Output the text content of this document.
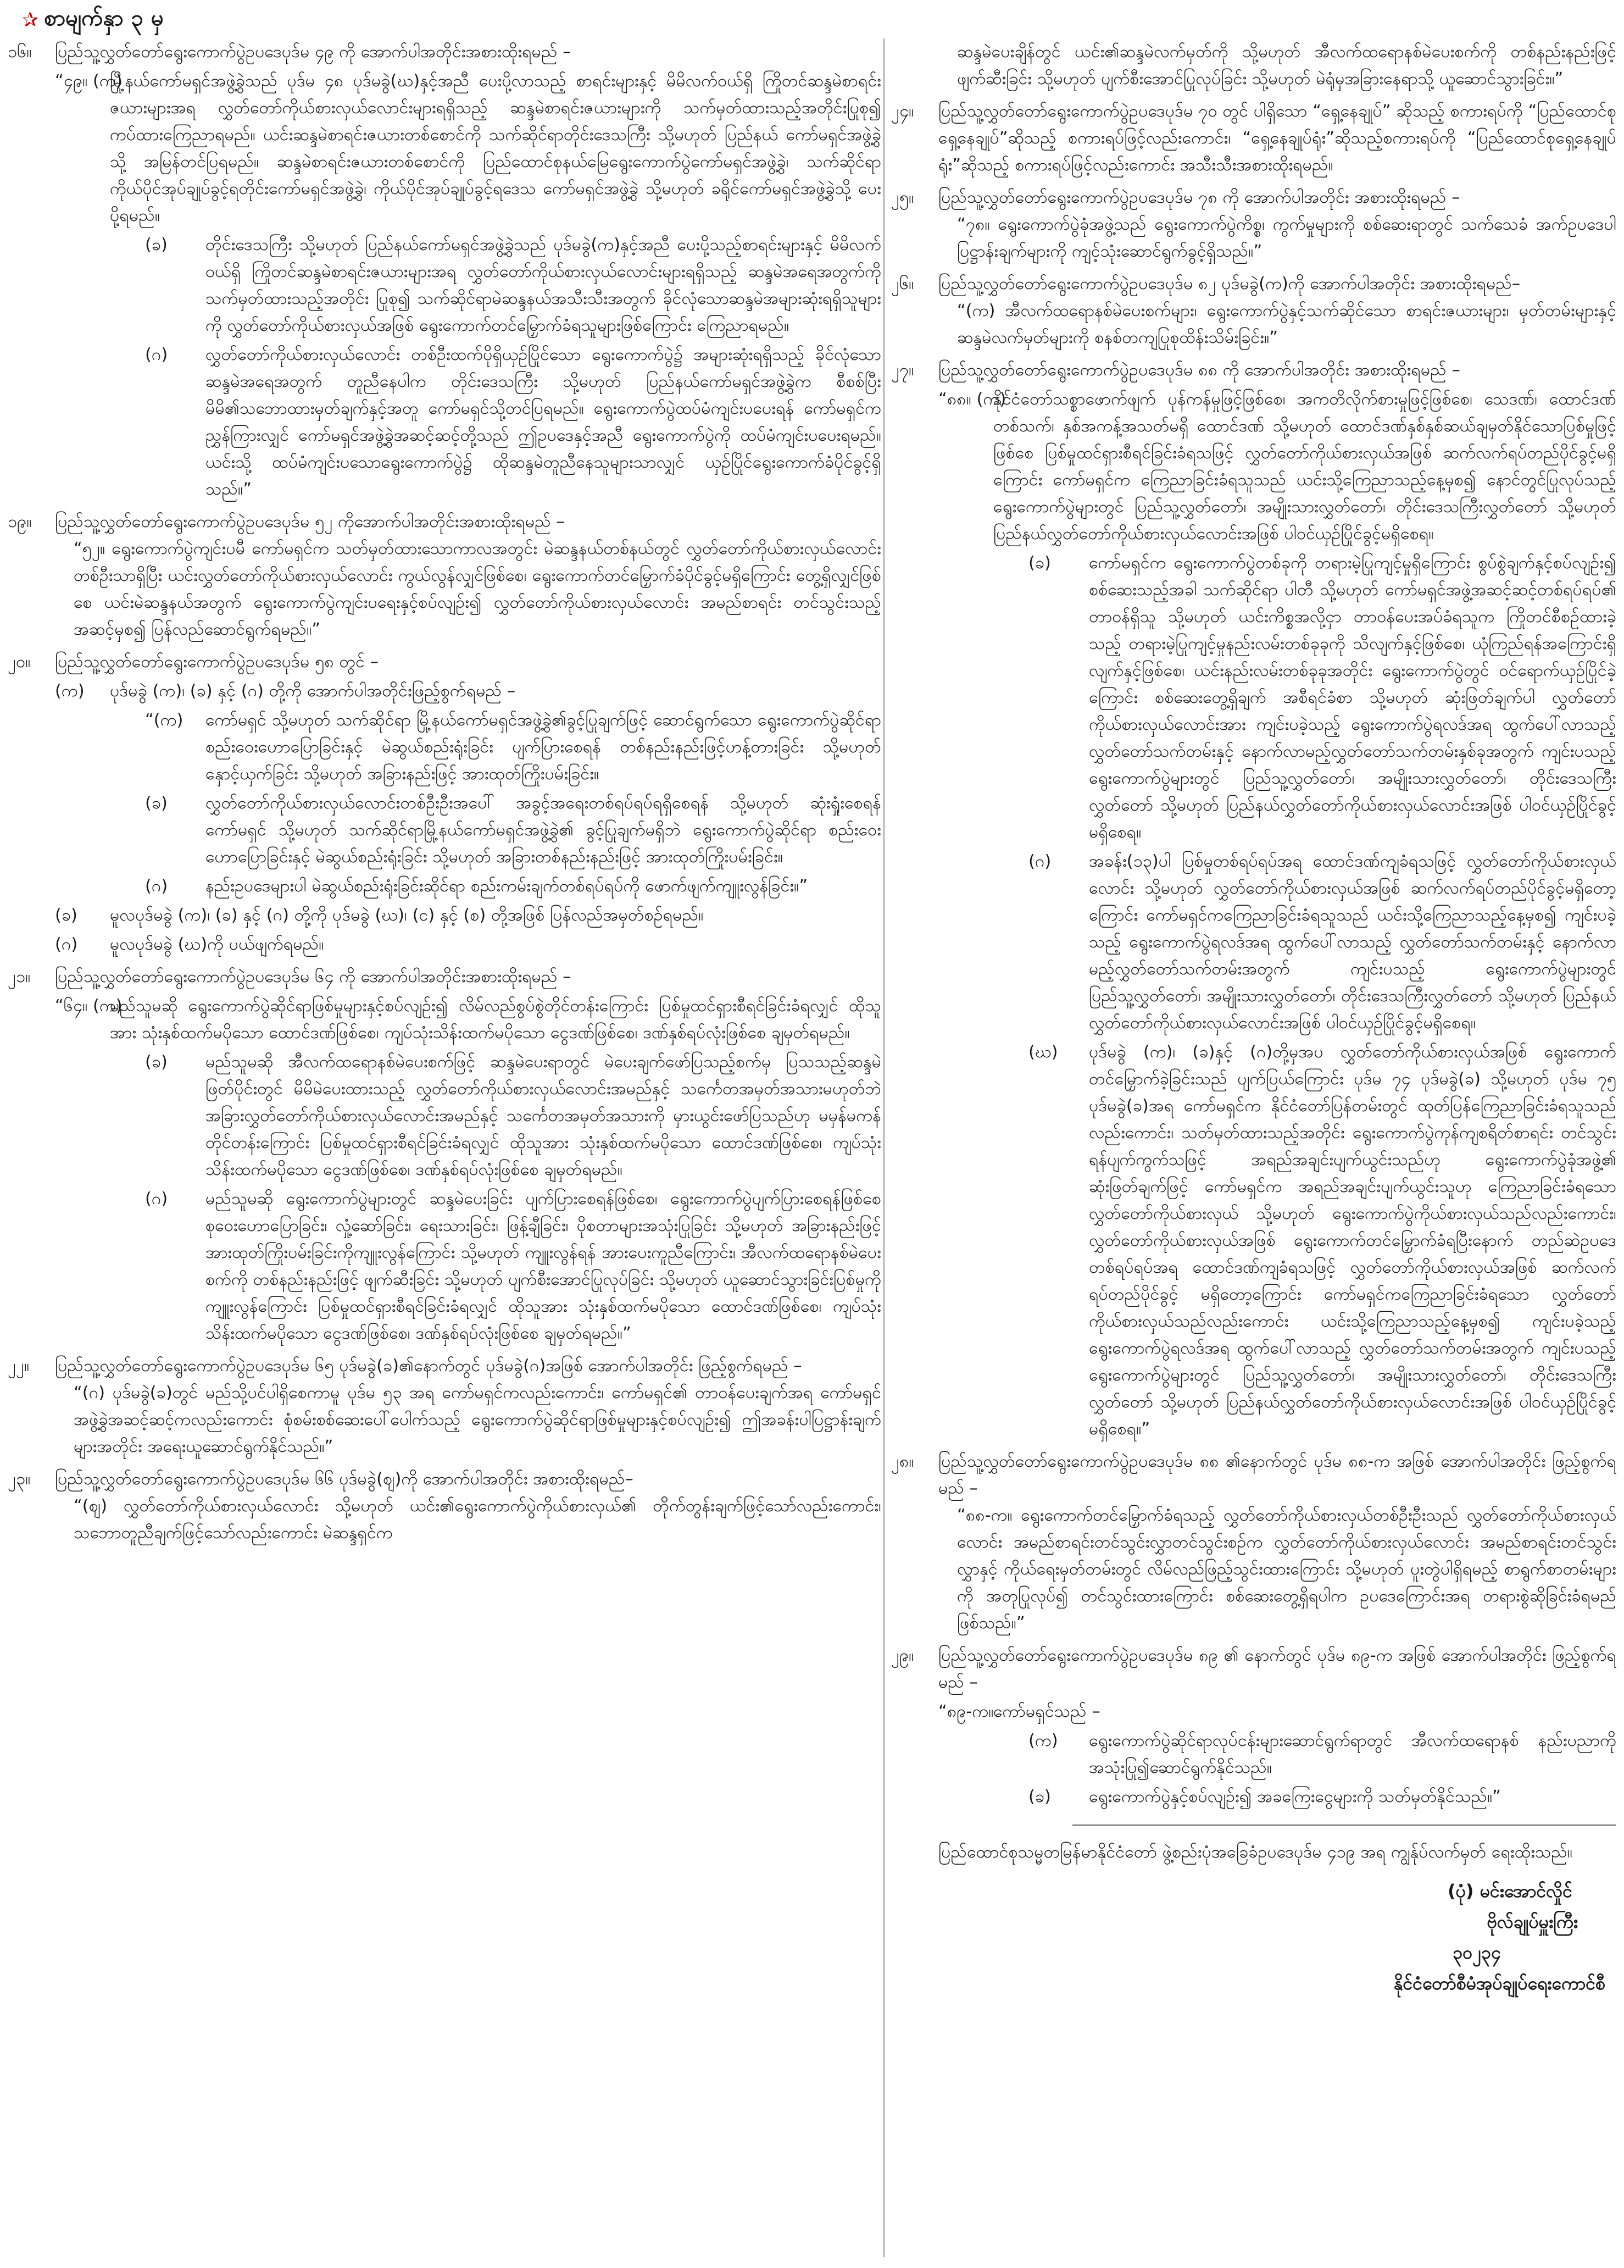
✰ စာမျက်နှာ ၃ မှ
၁၆။	ပြည်သူ့လွှတ်တော်ရွေးကောက်ပွဲဥပဒေပုဒ်မ ၄၉ ကို အောက်ပါအတိုင်းအစားထိုးရမည် –
“၄၉။ (က)
မြို့နယ်ကော်မရှင်အဖွဲ့ခွဲသည် ပုဒ်မ ၄၈ ပုဒ်မခွဲ(ဃ)နှင့်အညီ ပေးပို့လာသည့် စာရင်းများနှင့် မိမိလက်ဝယ်ရှိ ကြိုတင်ဆန္ဒမဲစာရင်းဇယားများအရ လွှတ်တော်ကိုယ်စားလှယ်လောင်းများရရှိသည့် ဆန္ဒမဲစာရင်းဇယားများကို သက်မှတ်ထားသည့်အတိုင်းပြုစု၍ ကပ်ထားကြေညာရမည်။ ယင်းဆန္ဒမဲစာရင်းဇယားတစ်စောင်ကို သက်ဆိုင်ရာတိုင်းဒေသကြီး သို့မဟုတ် ပြည်နယ် ကော်မရှင်အဖွဲ့ခွဲသို့ အမြန်တင်ပြရမည်။ ဆန္ဒမဲစာရင်းဇယားတစ်စောင်ကို ပြည်ထောင်စုနယ်မြေရွေးကောက်ပွဲကော်မရှင်အဖွဲ့ခွဲ၊ သက်ဆိုင်ရာ ကိုယ်ပိုင်အုပ်ချုပ်ခွင့်ရတိုင်းကော်မရှင်အဖွဲ့ခွဲ၊ ကိုယ်ပိုင်အုပ်ချုပ်ခွင့်ရဒေသ ကော်မရှင်အဖွဲ့ခွဲ သို့မဟုတ် ခရိုင်ကော်မရှင်အဖွဲ့ခွဲသို့ ပေးပို့ရမည်။
(ခ) တိုင်းဒေသကြီး သို့မဟုတ် ပြည်နယ်ကော်မရှင်အဖွဲ့ခွဲသည် ပုဒ်မခွဲ(က)နှင့်အညီ ပေးပို့သည့်စာရင်းများနှင့် မိမိလက်ဝယ်ရှိ ကြိုတင်ဆန္ဒမဲစာရင်းဇယားများအရ လွှတ်တော်ကိုယ်စားလှယ်လောင်းများရရှိသည့် ဆန္ဒမဲအရေအတွက်ကို သက်မှတ်ထားသည့်အတိုင်း ပြုစု၍ သက်ဆိုင်ရာမဲဆန္ဒနယ်အသီးသီးအတွက် ခိုင်လုံသောဆန္ဒမဲအများဆုံးရရှိသူများကို လွှတ်တော်ကိုယ်စားလှယ်အဖြစ် ရွေးကောက်တင်မြှောက်ခံရသူများဖြစ်ကြောင်း ကြေညာရမည်။
(ဂ) လွှတ်တော်ကိုယ်စားလှယ်လောင်း တစ်ဦးထက်ပိုရှိယှဉ်ပြိုင်သော ရွေးကောက်ပွဲ၌ အများဆုံးရရှိသည့် ခိုင်လုံသောဆန္ဒမဲအရေအတွက် တူညီနေပါက တိုင်းဒေသကြီး သို့မဟုတ် ပြည်နယ်ကော်မရှင်အဖွဲ့ခွဲက စီစစ်ပြီး မိမိ၏သဘောထားမှတ်ချက်နှင့်အတူ ကော်မရှင်သို့တင်ပြရမည်။ ရွေးကောက်ပွဲထပ်မံကျင်းပပေးရန် ကော်မရှင်ကညွှန်ကြားလျှင် ကော်မရှင်အဖွဲ့ခွဲအဆင့်ဆင့်တို့သည် ဤဥပဒေနှင့်အညီ ရွေးကောက်ပွဲကို ထပ်မံကျင်းပပေးရမည်။ ယင်းသို့ ထပ်မံကျင်းပသောရွေးကောက်ပွဲ၌ ထိုဆန္ဒမဲတူညီနေသူများသာလျှင် ယှဉ်ပြိုင်ရွေးကောက်ခံပိုင်ခွင့်ရှိသည်။”
၁၉။	ပြည်သူ့လွှတ်တော်ရွေးကောက်ပွဲဥပဒေပုဒ်မ ၅၂ ကိုအောက်ပါအတိုင်းအစားထိုးရမည် –
“၅၂။ ရွေးကောက်ပွဲကျင်းပမီ ကော်မရှင်က သတ်မှတ်ထားသောကာလအတွင်း မဲဆန္ဒနယ်တစ်နယ်တွင် လွှတ်တော်ကိုယ်စားလှယ်လောင်းတစ်ဦးသာရှိပြီး ယင်းလွှတ်တော်ကိုယ်စားလှယ်လောင်း ကွယ်လွန်လျှင်ဖြစ်စေ၊ ရွေးကောက်တင်မြှောက်ခံပိုင်ခွင့်မရှိကြောင်း တွေ့ရှိလျှင်ဖြစ်စေ ယင်းမဲဆန္ဒနယ်အတွက် ရွေးကောက်ပွဲကျင်းပရေးနှင့်စပ်လျဉ်း၍ လွှတ်တော်ကိုယ်စားလှယ်လောင်း အမည်စာရင်း တင်သွင်းသည့်အဆင့်မှစ၍ ပြန်လည်ဆောင်ရွက်ရမည်။”
၂၀။	ပြည်သူ့လွှတ်တော်ရွေးကောက်ပွဲဥပဒေပုဒ်မ ၅၈ တွင် –
(က) ပုဒ်မခွဲ (က)၊ (ခ) နှင့် (ဂ) တို့ကို အောက်ပါအတိုင်းဖြည့်စွက်ရမည် –
“(က) ကော်မရှင် သို့မဟုတ် သက်ဆိုင်ရာ မြို့နယ်ကော်မရှင်အဖွဲ့ခွဲ၏ခွင့်ပြုချက်ဖြင့် ဆောင်ရွက်သော ရွေးကောက်ပွဲဆိုင်ရာစည်းဝေးဟောပြောခြင်းနှင့် မဲဆွယ်စည်းရုံးခြင်း ပျက်ပြားစေရန် တစ်နည်းနည်းဖြင့်ဟန့်တားခြင်း သို့မဟုတ် နှောင့်ယှက်ခြင်း သို့မဟုတ် အခြားနည်းဖြင့် အားထုတ်ကြိုးပမ်းခြင်း။
(ခ) လွှတ်တော်ကိုယ်စားလှယ်လောင်းတစ်ဦးဦးအပေါ် အခွင့်အရေးတစ်ရပ်ရပ်ရရှိစေရန် သို့မဟုတ် ဆုံးရှုံးစေရန် ကော်မရှင် သို့မဟုတ် သက်ဆိုင်ရာမြို့နယ်ကော်မရှင်အဖွဲ့ခွဲ၏ ခွင့်ပြုချက်မရှိဘဲ ရွေးကောက်ပွဲဆိုင်ရာ စည်းဝေးဟောပြောခြင်းနှင့် မဲဆွယ်စည်းရုံးခြင်း သို့မဟုတ် အခြားတစ်နည်းနည်းဖြင့် အားထုတ်ကြိုးပမ်းခြင်း။
(ဂ) နည်းဥပဒေများပါ မဲဆွယ်စည်းရုံးခြင်းဆိုင်ရာ စည်းကမ်းချက်တစ်ရပ်ရပ်ကို ဖောက်ဖျက်ကျူးလွန်ခြင်း။”
(ခ) မူလပုဒ်မခွဲ (က)၊ (ခ) နှင့် (ဂ) တို့ကို ပုဒ်မခွဲ (ဃ)၊ (င) နှင့် (စ) တို့အဖြစ် ပြန်လည်အမှတ်စဉ်ရမည်။
(ဂ) မူလပုဒ်မခွဲ (ဃ)ကို ပယ်ဖျက်ရမည်။
၂၁။	ပြည်သူ့လွှတ်တော်ရွေးကောက်ပွဲဥပဒေပုဒ်မ ၆၄ ကို အောက်ပါအတိုင်းအစားထိုးရမည် –
“၆၄။ (က)
မည်သူမဆို ရွေးကောက်ပွဲဆိုင်ရာဖြစ်မှုများနှင့်စပ်လျဉ်း၍ လိမ်လည်စွပ်စွဲတိုင်တန်းကြောင်း ပြစ်မှုထင်ရှားစီရင်ခြင်းခံရလျှင် ထိုသူအား သုံးနှစ်ထက်မပိုသော ထောင်ဒဏ်ဖြစ်စေ၊ ကျပ်သုံးသိန်းထက်မပိုသော ငွေဒဏ်ဖြစ်စေ၊ ဒဏ်နှစ်ရပ်လုံးဖြစ်စေ ချမှတ်ရမည်။
(ခ) မည်သူမဆို အီလက်ထရောနစ်မဲပေးစက်ဖြင့် ဆန္ဒမဲပေးရာတွင် မဲပေးချက်ဖော်ပြသည့်စက်မှ ပြသသည့်ဆန္ဒမဲဖြတ်ပိုင်းတွင် မိမိမဲပေးထားသည့် လွှတ်တော်ကိုယ်စားလှယ်လောင်းအမည်နှင့် သင်္ကေတအမှတ်အသားမဟုတ်ဘဲ အခြားလွှတ်တော်ကိုယ်စားလှယ်လောင်းအမည်နှင့် သင်္ကေတအမှတ်အသားကို မှားယွင်းဖော်ပြသည်ဟု မမှန်မကန်တိုင်တန်းကြောင်း ပြစ်မှုထင်ရှားစီရင်ခြင်းခံရလျှင် ထိုသူအား သုံးနှစ်ထက်မပိုသော ထောင်ဒဏ်ဖြစ်စေ၊ ကျပ်သုံးသိန်းထက်မပိုသော ငွေဒဏ်ဖြစ်စေ၊ ဒဏ်နှစ်ရပ်လုံးဖြစ်စေ ချမှတ်ရမည်။
(ဂ) မည်သူမဆို ရွေးကောက်ပွဲများတွင် ဆန္ဒမဲပေးခြင်း ပျက်ပြားစေရန်ဖြစ်စေ၊ ရွေးကောက်ပွဲပျက်ပြားစေရန်ဖြစ်စေ စုဝေးဟောပြောခြင်း၊ လှုံ့ဆော်ခြင်း၊ ရေးသားခြင်း၊ ဖြန့်ချီခြင်း၊ ပိုစတာများအသုံးပြုခြင်း သို့မဟုတ် အခြားနည်းဖြင့် အားထုတ်ကြိုးပမ်းခြင်းကိုကျူးလွန်ကြောင်း သို့မဟုတ် ကျူးလွန်ရန် အားပေးကူညီကြောင်း၊ အီလက်ထရောနစ်မဲပေးစက်ကို တစ်နည်းနည်းဖြင့် ဖျက်ဆီးခြင်း သို့မဟုတ် ပျက်စီးအောင်ပြုလုပ်ခြင်း သို့မဟုတ် ယူဆောင်သွားခြင်းပြစ်မှုကို ကျူးလွန်ကြောင်း ပြစ်မှုထင်ရှားစီရင်ခြင်းခံရလျှင် ထိုသူအား သုံးနှစ်ထက်မပိုသော ထောင်ဒဏ်ဖြစ်စေ၊ ကျပ်သုံးသိန်းထက်မပိုသော ငွေဒဏ်ဖြစ်စေ၊ ဒဏ်နှစ်ရပ်လုံးဖြစ်စေ ချမှတ်ရမည်။”
၂၂။	ပြည်သူ့လွှတ်တော်ရွေးကောက်ပွဲဥပဒေပုဒ်မ ၆၅ ပုဒ်မခွဲ(ခ)၏နောက်တွင် ပုဒ်မခွဲ(ဂ)အဖြစ် အောက်ပါအတိုင်း ဖြည့်စွက်ရမည် –
“(ဂ) ပုဒ်မခွဲ(ခ)တွင် မည်သို့ပင်ပါရှိစေကာမူ ပုဒ်မ ၅၃ အရ ကော်မရှင်ကလည်းကောင်း၊ ကော်မရှင်၏ တာဝန်ပေးချက်အရ ကော်မရှင်အဖွဲ့ခွဲအဆင့်ဆင့်ကလည်းကောင်း စုံစမ်းစစ်ဆေးပေါ်ပေါက်သည့် ရွေးကောက်ပွဲဆိုင်ရာဖြစ်မှုများနှင့်စပ်လျဉ်း၍ ဤအခန်းပါပြဋ္ဌာန်းချက်များအတိုင်း အရေးယူဆောင်ရွက်နိုင်သည်။”
၂၃။	ပြည်သူ့လွှတ်တော်ရွေးကောက်ပွဲဥပဒေပုဒ်မ ၆၆ ပုဒ်မခွဲ(ဈ)ကို အောက်ပါအတိုင်း အစားထိုးရမည်–
“(ဈ) လွှတ်တော်ကိုယ်စားလှယ်လောင်း သို့မဟုတ် ယင်း၏ရွေးကောက်ပွဲကိုယ်စားလှယ်၏ တိုက်တွန်းချက်ဖြင့်သော်လည်းကောင်း၊ သဘောတူညီချက်ဖြင့်သော်လည်းကောင်း မဲဆန္ဒရှင်က
ဆန္ဒမဲပေးချိန်တွင် ယင်း၏ဆန္ဒမဲလက်မှတ်ကို သို့မဟုတ် အီလက်ထရောနစ်မဲပေးစက်ကို တစ်နည်းနည်းဖြင့်ဖျက်ဆီးခြင်း သို့မဟုတ် ပျက်စီးအောင်ပြုလုပ်ခြင်း သို့မဟုတ် မဲရုံမှအခြားနေရာသို့ ယူဆောင်သွားခြင်း။”
၂၄။	ပြည်သူ့လွှတ်တော်ရွေးကောက်ပွဲဥပဒေပုဒ်မ ၇၀ တွင် ပါရှိသော “ရှေ့နေချုပ်” ဆိုသည့် စကားရပ်ကို “ပြည်ထောင်စုရှေ့နေချုပ်”ဆိုသည့် စကားရပ်ဖြင့်လည်းကောင်း၊ “ရှေ့နေချုပ်ရုံး”ဆိုသည့်စကားရပ်ကို “ပြည်ထောင်စုရှေ့နေချုပ်ရုံး”ဆိုသည့် စကားရပ်ဖြင့်လည်းကောင်း အသီးသီးအစားထိုးရမည်။
၂၅။	ပြည်သူ့လွှတ်တော်ရွေးကောက်ပွဲဥပဒေပုဒ်မ ၇၈ ကို အောက်ပါအတိုင်း အစားထိုးရမည် –
“၇၈။ ရွေးကောက်ပွဲခုံအဖွဲ့သည် ရွေးကောက်ပွဲကိစ္စ၊ ကွက်မှုများကို စစ်ဆေးရာတွင် သက်သေခံ အက်ဥပဒေပါပြဋ္ဌာန်းချက်များကို ကျင့်သုံးဆောင်ရွက်ခွင့်ရှိသည်။”
၂၆။	ပြည်သူ့လွှတ်တော်ရွေးကောက်ပွဲဥပဒေပုဒ်မ ၈၂ ပုဒ်မခွဲ(က)ကို အောက်ပါအတိုင်း အစားထိုးရမည်–
“(က) အီလက်ထရောနစ်မဲပေးစက်များ၊ ရွေးကောက်ပွဲနှင့်သက်ဆိုင်သော စာရင်းဇယားများ၊ မှတ်တမ်းများနှင့် ဆန္ဒမဲလက်မှတ်များကို စနစ်တကျပြုစုထိန်းသိမ်းခြင်း။”
၂၇။	ပြည်သူ့လွှတ်တော်ရွေးကောက်ပွဲဥပဒေပုဒ်မ ၈၈ ကို အောက်ပါအတိုင်း အစားထိုးရမည် –
“၈၈။ (က)
နိုင်ငံတော်သစ္စာဖောက်ဖျက် ပုန်ကန်မှုဖြင့်ဖြစ်စေ၊ အကတိလိုက်စားမှုဖြင့်ဖြစ်စေ၊ သေဒဏ်၊ ထောင်ဒဏ်တစ်သက်၊ နှစ်အကန့်အသတ်မရှိ ထောင်ဒဏ် သို့မဟုတ် ထောင်ဒဏ်နှစ်နှစ်ဆယ်ချမှတ်နိုင်သောပြစ်မှုဖြင့်ဖြစ်စေ ပြစ်မှုထင်ရှားစီရင်ခြင်းခံရသဖြင့် လွှတ်တော်ကိုယ်စားလှယ်အဖြစ် ဆက်လက်ရပ်တည်ပိုင်ခွင့်မရှိကြောင်း ကော်မရှင်က ကြေညာခြင်းခံရသူသည် ယင်းသို့ကြေညာသည့်နေ့မှစ၍ နောင်တွင်ပြုလုပ်သည့်ရွေးကောက်ပွဲများတွင် ပြည်သူ့လွှတ်တော်၊ အမျိုးသားလွှတ်တော်၊ တိုင်းဒေသကြီးလွှတ်တော် သို့မဟုတ် ပြည်နယ်လွှတ်တော်ကိုယ်စားလှယ်လောင်းအဖြစ် ပါဝင်ယှဉ်ပြိုင်ခွင့်မရှိစေရ။
(ခ) ကော်မရှင်က ရွေးကောက်ပွဲတစ်ခုကို တရားမဲ့ပြုကျင့်မှုရှိကြောင်း စွပ်စွဲချက်နှင့်စပ်လျဉ်း၍ စစ်ဆေးသည့်အခါ သက်ဆိုင်ရာ ပါတီ သို့မဟုတ် ကော်မရှင်အဖွဲ့အဆင့်ဆင့်တစ်ရပ်ရပ်၏ တာဝန်ရှိသူ သို့မဟုတ် ယင်းကိစ္စအလို့ငှာ တာဝန်ပေးအပ်ခံရသူက ကြိုတင်စီစဉ်ထားခဲ့သည့် တရားမဲ့ပြုကျင့်မှုနည်းလမ်းတစ်ခုခုကို သိလျက်နှင့်ဖြစ်စေ၊ ယုံကြည်ရန်အကြောင်းရှိလျက်နှင့်ဖြစ်စေ၊ ယင်းနည်းလမ်းတစ်ခုခုအတိုင်း ရွေးကောက်ပွဲတွင် ဝင်ရောက်ယှဉ်ပြိုင်ခဲ့ကြောင်း စစ်ဆေးတွေ့ရှိချက် အစီရင်ခံစာ သို့မဟုတ် ဆုံးဖြတ်ချက်ပါ လွှတ်တော်ကိုယ်စားလှယ်လောင်းအား ကျင်းပခဲ့သည့် ရွေးကောက်ပွဲရလဒ်အရ ထွက်ပေါ်လာသည့် လွှတ်တော်သက်တမ်းနှင့် နောက်လာမည့်လွှတ်တော်သက်တမ်းနှစ်ခုအတွက် ကျင်းပသည့် ရွေးကောက်ပွဲများတွင် ပြည်သူ့လွှတ်တော်၊ အမျိုးသားလွှတ်တော်၊ တိုင်းဒေသကြီးလွှတ်တော် သို့မဟုတ် ပြည်နယ်လွှတ်တော်ကိုယ်စားလှယ်လောင်းအဖြစ် ပါဝင်ယှဉ်ပြိုင်ခွင့်မရှိစေရ။
(ဂ) အခန်း(၁၃)ပါ ပြစ်မှုတစ်ရပ်ရပ်အရ ထောင်ဒဏ်ကျခံရသဖြင့် လွှတ်တော်ကိုယ်စားလှယ်လောင်း သို့မဟုတ် လွှတ်တော်ကိုယ်စားလှယ်အဖြစ် ဆက်လက်ရပ်တည်ပိုင်ခွင့်မရှိတော့ကြောင်း ကော်မရှင်ကကြေညာခြင်းခံရသူသည် ယင်းသို့ကြေညာသည့်နေ့မှစ၍ ကျင်းပခဲ့သည့် ရွေးကောက်ပွဲရလဒ်အရ ထွက်ပေါ်လာသည့် လွှတ်တော်သက်တမ်းနှင့် နောက်လာမည့်လွှတ်တော်သက်တမ်းအတွက် ကျင်းပသည့် ရွေးကောက်ပွဲများတွင် ပြည်သူ့လွှတ်တော်၊ အမျိုးသားလွှတ်တော်၊ တိုင်းဒေသကြီးလွှတ်တော် သို့မဟုတ် ပြည်နယ်လွှတ်တော်ကိုယ်စားလှယ်လောင်းအဖြစ် ပါဝင်ယှဉ်ပြိုင်ခွင့်မရှိစေရ။
(ဃ) ပုဒ်မခွဲ (က)၊ (ခ)နှင့် (ဂ)တို့မှအပ လွှတ်တော်ကိုယ်စားလှယ်အဖြစ် ရွေးကောက်တင်မြှောက်ခဲ့ခြင်းသည် ပျက်ပြယ်ကြောင်း ပုဒ်မ ၇၄ ပုဒ်မခွဲ(ခ) သို့မဟုတ် ပုဒ်မ ၇၅ ပုဒ်မခွဲ(ခ)အရ ကော်မရှင်က နိုင်ငံတော်ပြန်တမ်းတွင် ထုတ်ပြန်ကြေညာခြင်းခံရသူသည်လည်းကောင်း၊ သတ်မှတ်ထားသည့်အတိုင်း ရွေးကောက်ပွဲကုန်ကျစရိတ်စာရင်း တင်သွင်းရန်ပျက်ကွက်သဖြင့် အရည်အချင်းပျက်ယွင်းသည်ဟု ရွေးကောက်ပွဲခုံအဖွဲ့၏ ဆုံးဖြတ်ချက်ဖြင့် ကော်မရှင်က အရည်အချင်းပျက်ယွင်းသူဟု ကြေညာခြင်းခံရသော လွှတ်တော်ကိုယ်စားလှယ် သို့မဟုတ် ရွေးကောက်ပွဲကိုယ်စားလှယ်သည်လည်းကောင်း၊ လွှတ်တော်ကိုယ်စားလှယ်အဖြစ် ရွေးကောက်တင်မြှောက်ခံရပြီးနောက် တည်ဆဲဥပဒေတစ်ရပ်ရပ်အရ ထောင်ဒဏ်ကျခံရသဖြင့် လွှတ်တော်ကိုယ်စားလှယ်အဖြစ် ဆက်လက်ရပ်တည်ပိုင်ခွင့် မရှိတော့ကြောင်း ကော်မရှင်ကကြေညာခြင်းခံရသော လွှတ်တော်ကိုယ်စားလှယ်သည်လည်းကောင်း ယင်းသို့ကြေညာသည့်နေ့မှစ၍ ကျင်းပခဲ့သည့် ရွေးကောက်ပွဲရလဒ်အရ ထွက်ပေါ်လာသည့် လွှတ်တော်သက်တမ်းအတွက် ကျင်းပသည့် ရွေးကောက်ပွဲများတွင် ပြည်သူ့လွှတ်တော်၊ အမျိုးသားလွှတ်တော်၊ တိုင်းဒေသကြီးလွှတ်တော် သို့မဟုတ် ပြည်နယ်လွှတ်တော်ကိုယ်စားလှယ်လောင်းအဖြစ် ပါဝင်ယှဉ်ပြိုင်ခွင့်မရှိစေရ။”
၂၈။	ပြည်သူ့လွှတ်တော်ရွေးကောက်ပွဲဥပဒေပုဒ်မ ၈၈ ၏နောက်တွင် ပုဒ်မ ၈၈-က အဖြစ် အောက်ပါအတိုင်း ဖြည့်စွက်ရမည် –
“၈၈-က။ ရွေးကောက်တင်မြှောက်ခံရသည့် လွှတ်တော်ကိုယ်စားလှယ်တစ်ဦးဦးသည် လွှတ်တော်ကိုယ်စားလှယ်လောင်း အမည်စာရင်းတင်သွင်းလွှာတင်သွင်းစဉ်က လွှတ်တော်ကိုယ်စားလှယ်လောင်း အမည်စာရင်းတင်သွင်းလွှာနှင့် ကိုယ်ရေးမှတ်တမ်းတွင် လိမ်လည်ဖြည့်သွင်းထားကြောင်း သို့မဟုတ် ပူးတွဲပါရှိရမည့် စာရွက်စာတမ်းများကို အတုပြုလုပ်၍ တင်သွင်းထားကြောင်း စစ်ဆေးတွေ့ရှိရပါက ဥပဒေကြောင်းအရ တရားစွဲဆိုခြင်းခံရမည်ဖြစ်သည်။”
၂၉။	ပြည်သူ့လွှတ်တော်ရွေးကောက်ပွဲဥပဒေပုဒ်မ ၈၉ ၏ နောက်တွင် ပုဒ်မ ၈၉-က အဖြစ် အောက်ပါအတိုင်း ဖြည့်စွက်ရမည် –
“၈၉-က။ ကော်မရှင်သည် –
(က) ရွေးကောက်ပွဲဆိုင်ရာလုပ်ငန်းများဆောင်ရွက်ရာတွင် အီလက်ထရောနစ် နည်းပညာကို အသုံးပြု၍ဆောင်ရွက်နိုင်သည်။
(ခ) ရွေးကောက်ပွဲနှင့်စပ်လျဉ်း၍ အခကြေးငွေများကို သတ်မှတ်နိုင်သည်။”
ပြည်ထောင်စုသမ္မတမြန်မာနိုင်ငံတော် ဖွဲ့စည်းပုံအခြေခံဥပဒေပုဒ်မ ၄၁၉ အရ ကျွန်ုပ်လက်မှတ် ရေးထိုးသည်။
(ပုံ) မင်းအောင်လှိုင်
ဗိုလ်ချုပ်မှူးကြီး
၃၀၂၃၄
နိုင်ငံတော်စီမံအုပ်ချုပ်ရေးကောင်စီ
